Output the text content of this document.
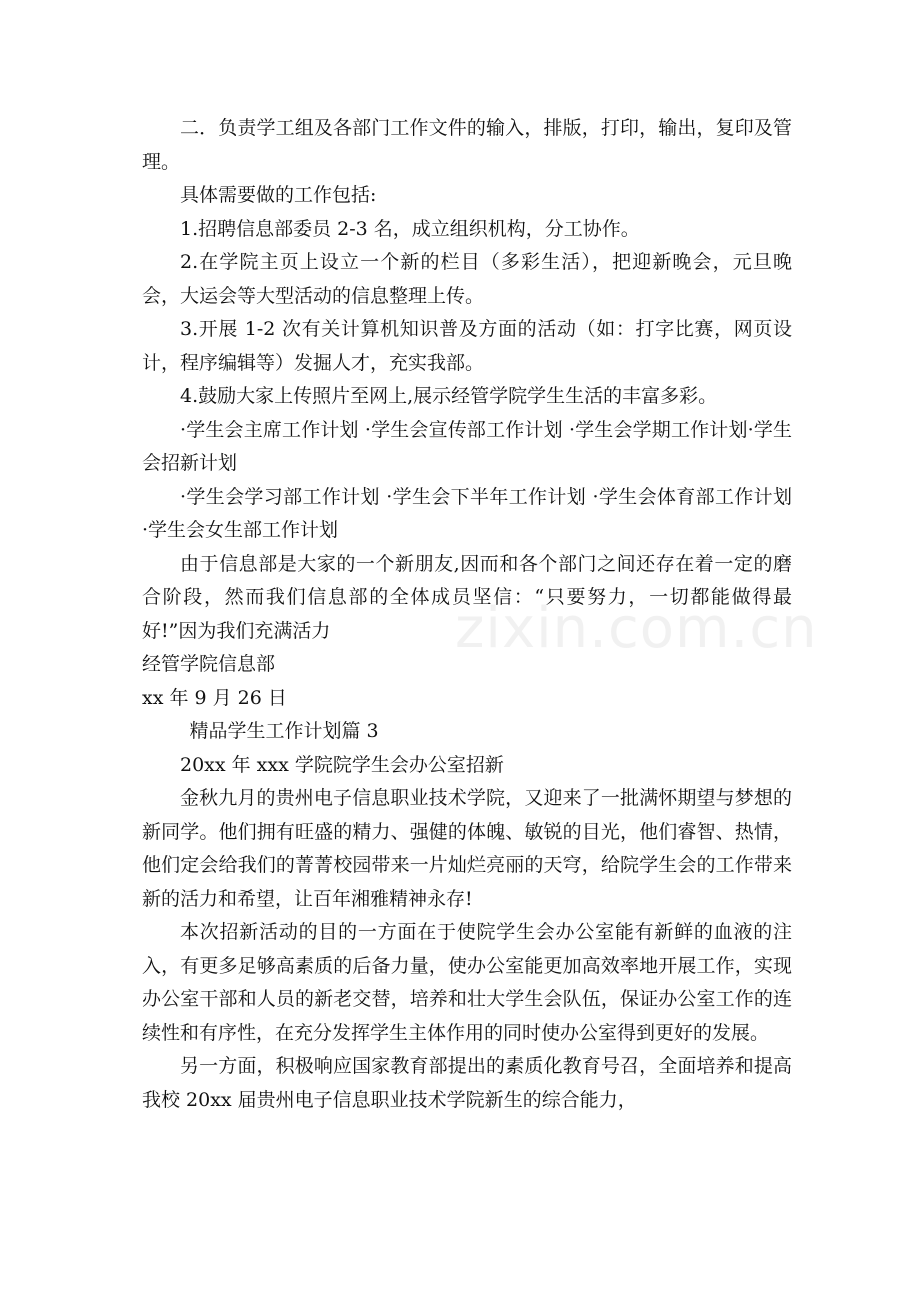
二．负责学工组及各部门工作文件的输入，排版，打印，输出，复印及管理。

具体需要做的工作包括:

1.招聘信息部委员 2-3 名，成立组织机构，分工协作。

2.在学院主页上设立一个新的栏目（多彩生活），把迎新晚会，元旦晚会，大运会等大型活动的信息整理上传。

3.开展 1-2 次有关计算机知识普及方面的活动（如：打字比赛，网页设计，程序编辑等）发掘人才，充实我部。

4.鼓励大家上传照片至网上,展示经管学院学生生活的丰富多彩。

·学生会主席工作计划 ·学生会宣传部工作计划 ·学生会学期工作计划·学生会招新计划

·学生会学习部工作计划 ·学生会下半年工作计划 ·学生会体育部工作计划 ·学生会女生部工作计划

由于信息部是大家的一个新朋友,因而和各个部门之间还存在着一定的磨合阶段，然而我们信息部的全体成员坚信：“只要努力，一切都能做得最好!”因为我们充满活力

经管学院信息部

xx 年 9 月 26 日

精品学生工作计划篇 3

20xx 年 xxx 学院院学生会办公室招新

金秋九月的贵州电子信息职业技术学院，又迎来了一批满怀期望与梦想的新同学。他们拥有旺盛的精力、强健的体魄、敏锐的目光，他们睿智、热情，他们定会给我们的菁菁校园带来一片灿烂亮丽的天穹，给院学生会的工作带来新的活力和希望，让百年湘雅精神永存!

本次招新活动的目的一方面在于使院学生会办公室能有新鲜的血液的注入，有更多足够高素质的后备力量，使办公室能更加高效率地开展工作，实现办公室干部和人员的新老交替，培养和壮大学生会队伍，保证办公室工作的连续性和有序性，在充分发挥学生主体作用的同时使办公室得到更好的发展。

另一方面，积极响应国家教育部提出的素质化教育号召，全面培养和提高我校 20xx 届贵州电子信息职业技术学院新生的综合能力，

zixin.com.cn
